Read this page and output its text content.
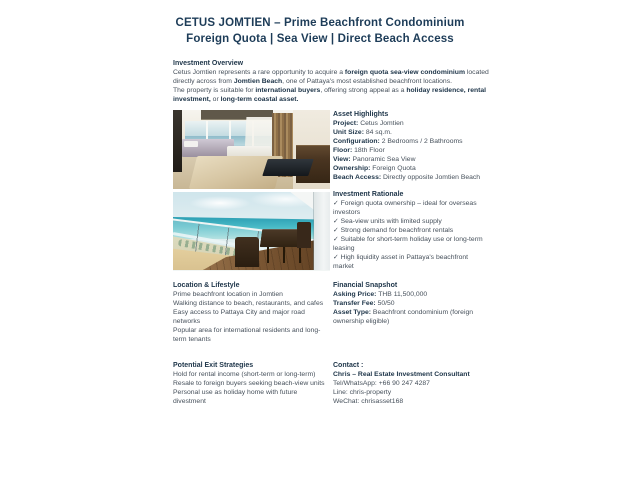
CETUS JOMTIEN – Prime Beachfront Condominium
Foreign Quota | Sea View | Direct Beach Access
Investment Overview
Cetus Jomtien represents a rare opportunity to acquire a foreign quota sea-view condominium located directly across from Jomtien Beach, one of Pattaya's most established beachfront locations.
The property is suitable for international buyers, offering strong appeal as a holiday residence, rental investment, or long-term coastal asset.
Asset Highlights
Project: Cetus Jomtien
Unit Size: 84 sq.m.
Configuration: 2 Bedrooms / 2 Bathrooms
Floor: 18th Floor
View: Panoramic Sea View
Ownership: Foreign Quota
Beach Access: Directly opposite Jomtien Beach
Investment Rationale
✓ Foreign quota ownership – ideal for overseas investors
✓ Sea-view units with limited supply
✓ Strong demand for beachfront rentals
✓ Suitable for short-term holiday use or long-term leasing
✓ High liquidity asset in Pattaya's beachfront market
Location & Lifestyle
Prime beachfront location in Jomtien
Walking distance to beach, restaurants, and cafes
Easy access to Pattaya City and major road networks
Popular area for international residents and long-term tenants
Financial Snapshot
Asking Price: THB 11,500,000
Transfer Fee: 50/50
Asset Type: Beachfront condominium (foreign ownership eligible)
Potential Exit Strategies
Hold for rental income (short-term or long-term)
Resale to foreign buyers seeking beach-view units
Personal use as holiday home with future divestment
Contact :
Chris – Real Estate Investment Consultant
Tel/WhatsApp: +66 90 247 4287
Line: chris-property
WeChat: chrisasset168
